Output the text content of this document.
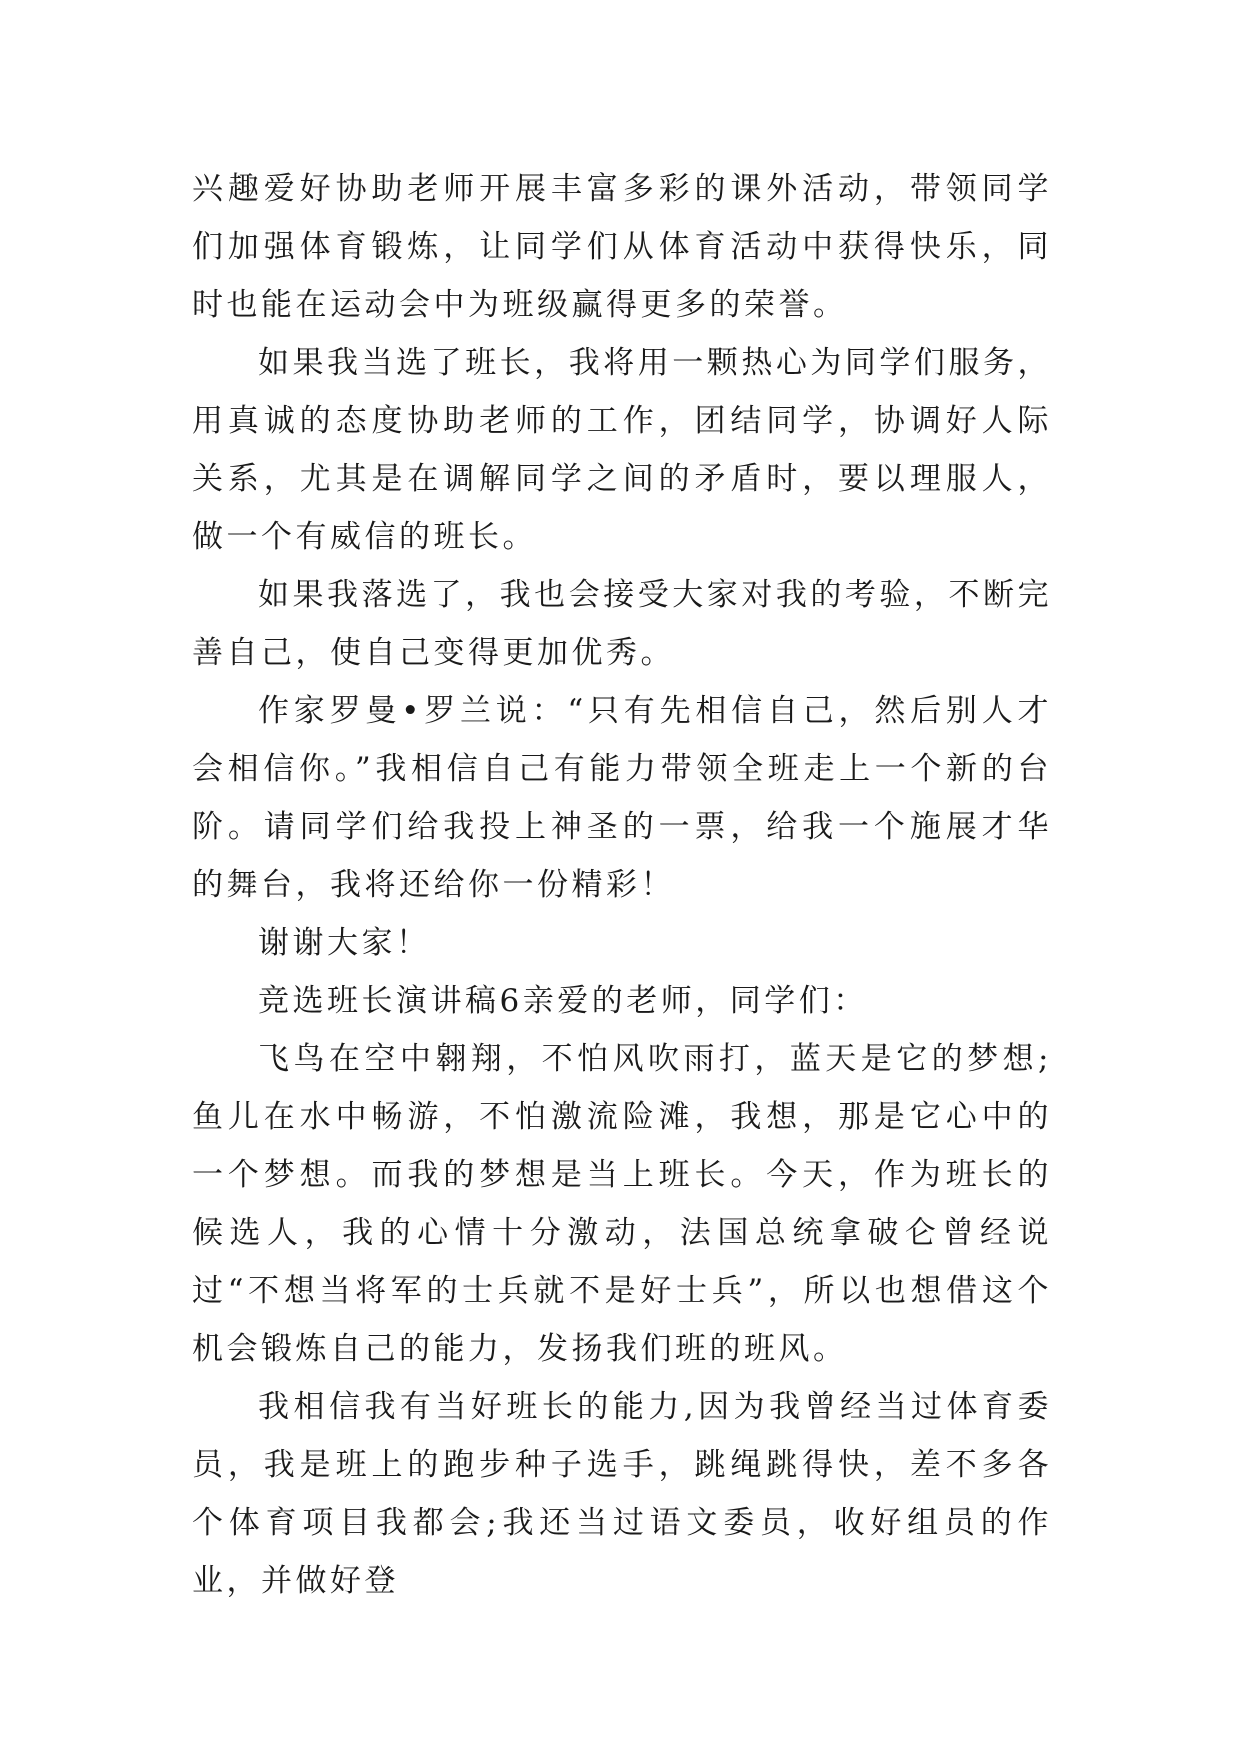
兴趣爱好协助老师开展丰富多彩的课外活动，带领同学们加强体育锻炼，让同学们从体育活动中获得快乐，同时也能在运动会中为班级赢得更多的荣誉。

如果我当选了班长，我将用一颗热心为同学们服务，用真诚的态度协助老师的工作，团结同学，协调好人际关系，尤其是在调解同学之间的矛盾时，要以理服人，做一个有威信的班长。

如果我落选了，我也会接受大家对我的考验，不断完善自己，使自己变得更加优秀。

作家罗曼•罗兰说：“只有先相信自己，然后别人才会相信你。”我相信自己有能力带领全班走上一个新的台阶。请同学们给我投上神圣的一票，给我一个施展才华的舞台，我将还给你一份精彩！

谢谢大家！

竞选班长演讲稿6亲爱的老师，同学们：

飞鸟在空中翱翔，不怕风吹雨打，蓝天是它的梦想;鱼儿在水中畅游，不怕激流险滩，我想，那是它心中的一个梦想。而我的梦想是当上班长。今天，作为班长的候选人，我的心情十分激动，法国总统拿破仑曾经说过“不想当将军的士兵就不是好士兵”，所以也想借这个机会锻炼自己的能力，发扬我们班的班风。

我相信我有当好班长的能力,因为我曾经当过体育委员，我是班上的跑步种子选手，跳绳跳得快，差不多各个体育项目我都会;我还当过语文委员，收好组员的作业，并做好登
